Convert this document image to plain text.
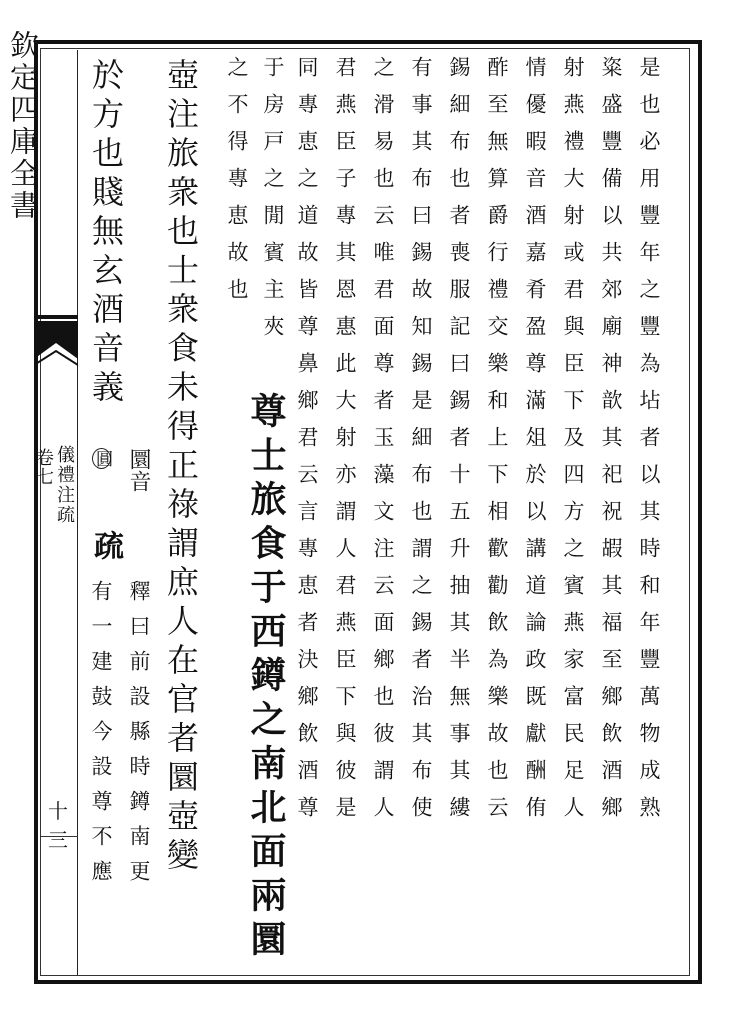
欽定四庫全書
儀禮注疏
卷七
十三
是也必用豐年之豐為坫者以其時和年豐萬物成熟
粢盛豐備以共郊廟神歆其祀祝嘏其福至鄉飲酒鄉
射燕禮大射或君與臣下及四方之賓燕家富民足人
情優暇音酒嘉肴盈尊滿俎於以講道論政既獻酬侑
酢至無算爵行禮交樂和上下相歡勸飲為樂故也云
錫細布也者喪服記曰錫者十五升抽其半無事其縷
有事其布曰錫故知錫是細布也謂之錫者治其布使
之滑易也云唯君面尊者玉藻文注云面鄉也彼謂人
君燕臣子專其恩惠此大射亦謂人君燕臣下與彼是
同專恵之道故皆尊鼻鄉君云言專恵者決鄉飲酒尊
于房戸之閒賓主夾
之不得專恵故也
尊士旅食于西鐏之南北面兩圜
壺注旅衆也士衆食未得正祿謂庶人在官者圜壺變
於方也賤無玄酒音義
圜音
圓
疏
釋曰前設縣時鐏南更
有一建鼓今設尊不應
